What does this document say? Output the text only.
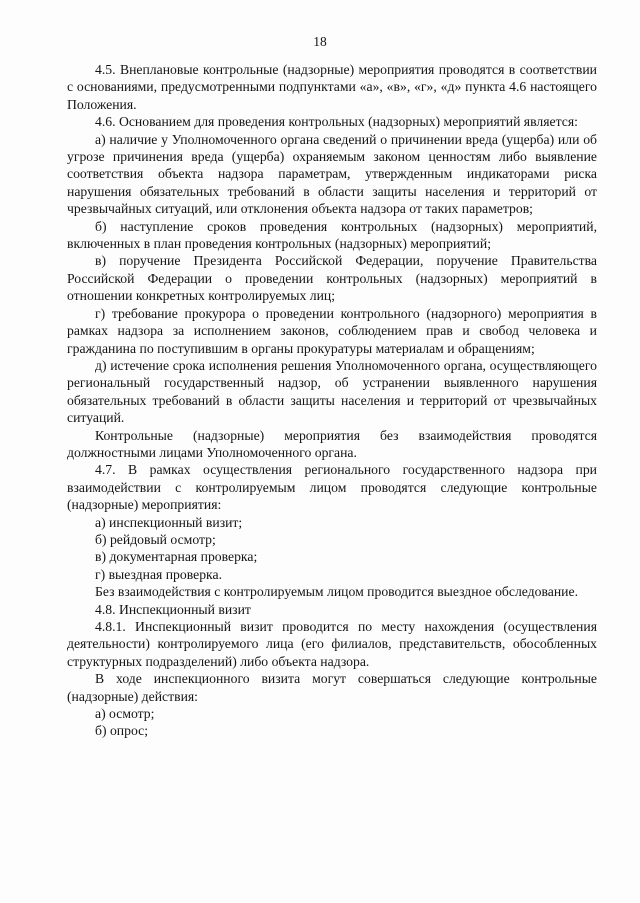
18

4.5. Внеплановые контрольные (надзорные) мероприятия проводятся в соответствии с основаниями, предусмотренными подпунктами «а», «в», «г», «д» пункта 4.6 настоящего Положения.

4.6. Основанием для проведения контрольных (надзорных) мероприятий является:

а) наличие у Уполномоченного органа сведений о причинении вреда (ущерба) или об угрозе причинения вреда (ущерба) охраняемым законом ценностям либо выявление соответствия объекта надзора параметрам, утвержденным индикаторами риска нарушения обязательных требований в области защиты населения и территорий от чрезвычайных ситуаций, или отклонения объекта надзора от таких параметров;

б) наступление сроков проведения контрольных (надзорных) мероприятий, включенных в план проведения контрольных (надзорных) мероприятий;

в) поручение Президента Российской Федерации, поручение Правительства Российской Федерации о проведении контрольных (надзорных) мероприятий в отношении конкретных контролируемых лиц;

г) требование прокурора о проведении контрольного (надзорного) мероприятия в рамках надзора за исполнением законов, соблюдением прав и свобод человека и гражданина по поступившим в органы прокуратуры материалам и обращениям;

д) истечение срока исполнения решения Уполномоченного органа, осуществляющего региональный государственный надзор, об устранении выявленного нарушения обязательных требований в области защиты населения и территорий от чрезвычайных ситуаций.

Контрольные (надзорные) мероприятия без взаимодействия проводятся должностными лицами Уполномоченного органа.

4.7. В рамках осуществления регионального государственного надзора при взаимодействии с контролируемым лицом проводятся следующие контрольные (надзорные) мероприятия:

а) инспекционный визит;

б) рейдовый осмотр;

в) документарная проверка;

г) выездная проверка.

Без взаимодействия с контролируемым лицом проводится выездное обследование.

4.8. Инспекционный визит

4.8.1. Инспекционный визит проводится по месту нахождения (осуществления деятельности) контролируемого лица (его филиалов, представительств, обособленных структурных подразделений) либо объекта надзора.

В ходе инспекционного визита могут совершаться следующие контрольные (надзорные) действия:

а) осмотр;

б) опрос;
